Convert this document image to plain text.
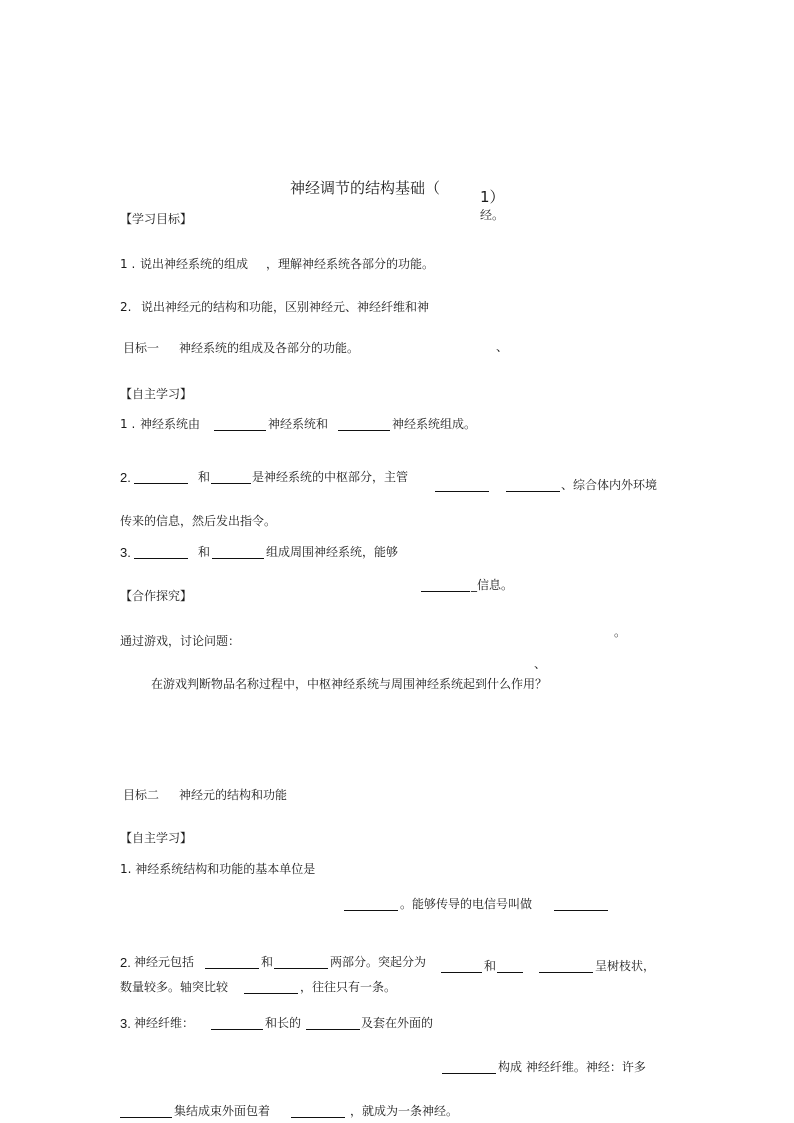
神经调节的结构基础（	1）
经。
【学习目标】
1 . 说出神经系统的组成 ，理解神经系统各部分的功能。
2. 说出神经元的结构和功能，区别神经元、神经纤维和神
目标一 神经系统的组成及各部分的功能。	、
【自主学习】
1 . 神经系统由	神经系统和	神经系统组成。
2.	和	是神经系统的中枢部分，主管
、综合体内外环境
传来的信息，然后发出指令。
3.	和	组成周围神经系统，能够
_信息。
【合作探究】
。
通过游戏，讨论问题：
、
在游戏判断物品名称过程中，中枢神经系统与周围神经系统起到什么作用？
目标二 神经元的结构和功能
【自主学习】
1. 神经系统结构和功能的基本单位是
。能够传导的电信号叫做
2. 神经元包括	和	两部分。突起分为	和	呈树枝状，
数量较多。轴突比较	，往往只有一条。
3. 神经纤维：	和长的	及套在外面的
构成 神经纤维。神经：许多
集结成束外面包着	，就成为一条神经。
